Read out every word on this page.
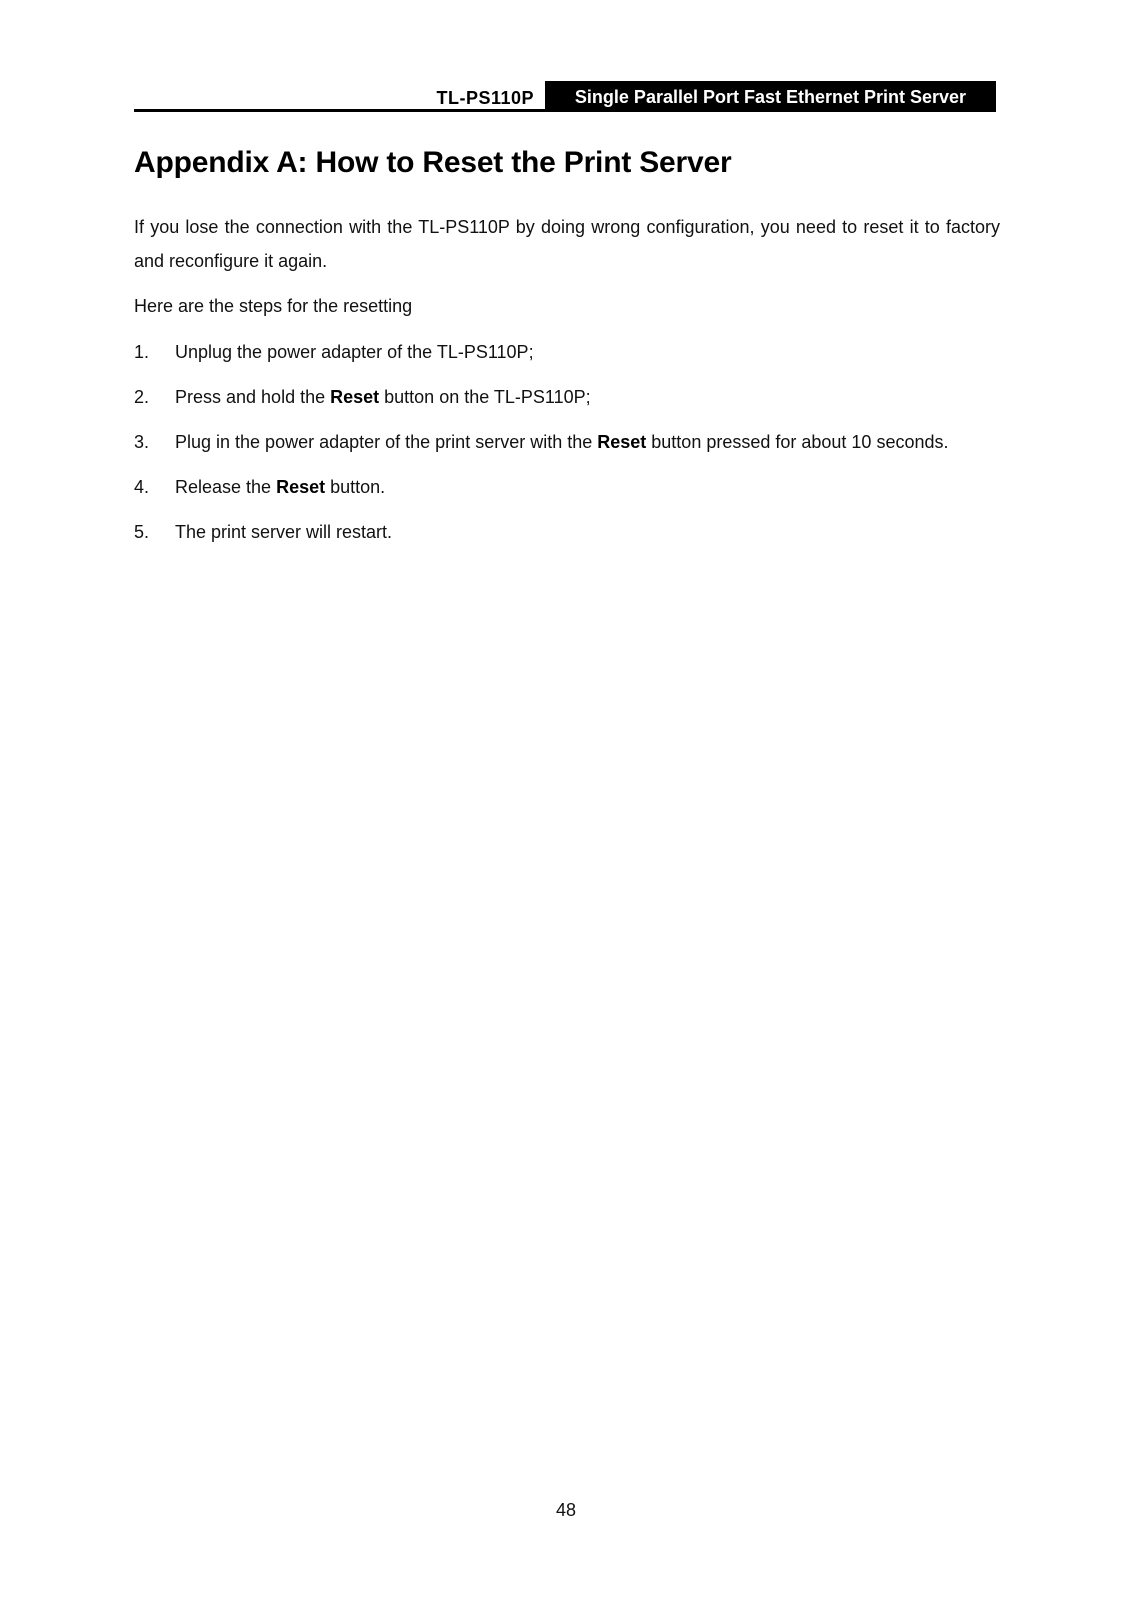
TL-PS110P	Single Parallel Port Fast Ethernet Print Server
Appendix A: How to Reset the Print Server

If you lose the connection with the TL-PS110P by doing wrong configuration, you need to reset it to factory and reconfigure it again.

Here are the steps for the resetting

1. Unplug the power adapter of the TL-PS110P;
2. Press and hold the Reset button on the TL-PS110P;
3. Plug in the power adapter of the print server with the Reset button pressed for about 10 seconds.
4. Release the Reset button.
5. The print server will restart.
48
